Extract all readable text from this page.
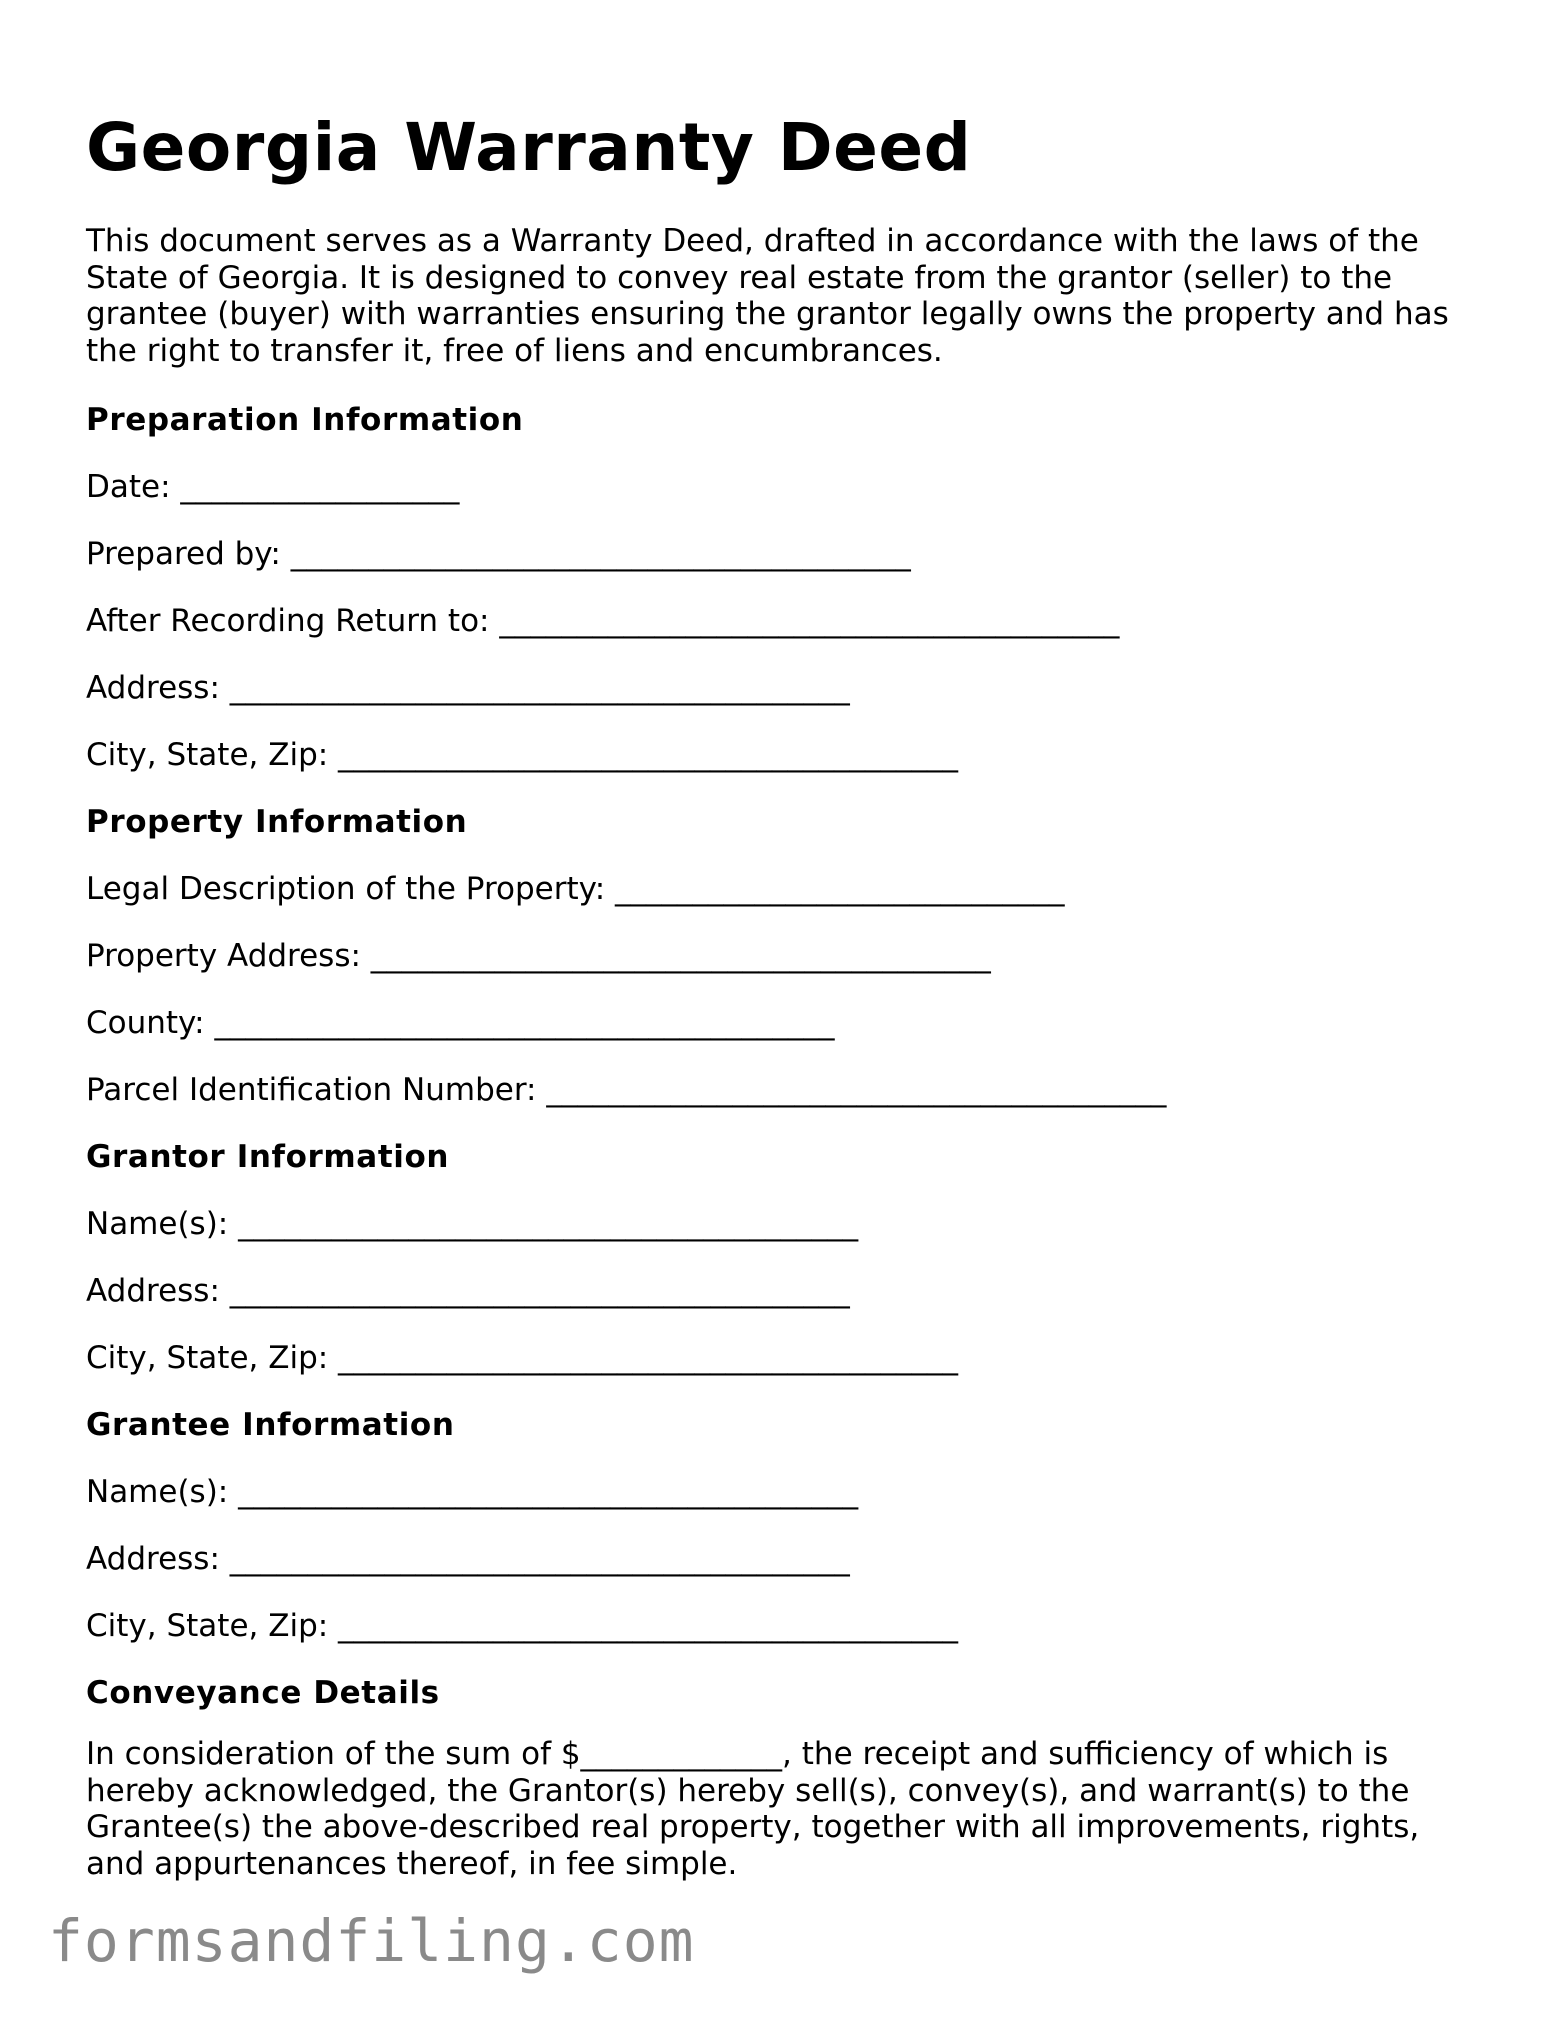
Georgia Warranty Deed

This document serves as a Warranty Deed, drafted in accordance with the laws of the State of Georgia. It is designed to convey real estate from the grantor (seller) to the grantee (buyer) with warranties ensuring the grantor legally owns the property and has the right to transfer it, free of liens and encumbrances.

Preparation Information

Date: __________________

Prepared by: ________________________________________

After Recording Return to: ________________________________________

Address: ________________________________________

City, State, Zip: ________________________________________

Property Information

Legal Description of the Property: _____________________________

Property Address: ________________________________________

County: ________________________________________

Parcel Identification Number: ________________________________________

Grantor Information

Name(s): ________________________________________

Address: ________________________________________

City, State, Zip: ________________________________________

Grantee Information

Name(s): ________________________________________

Address: ________________________________________

City, State, Zip: ________________________________________

Conveyance Details

In consideration of the sum of $_____________, the receipt and sufficiency of which is hereby acknowledged, the Grantor(s) hereby sell(s), convey(s), and warrant(s) to the Grantee(s) the above-described real property, together with all improvements, rights, and appurtenances thereof, in fee simple.

formsandfiling.com
